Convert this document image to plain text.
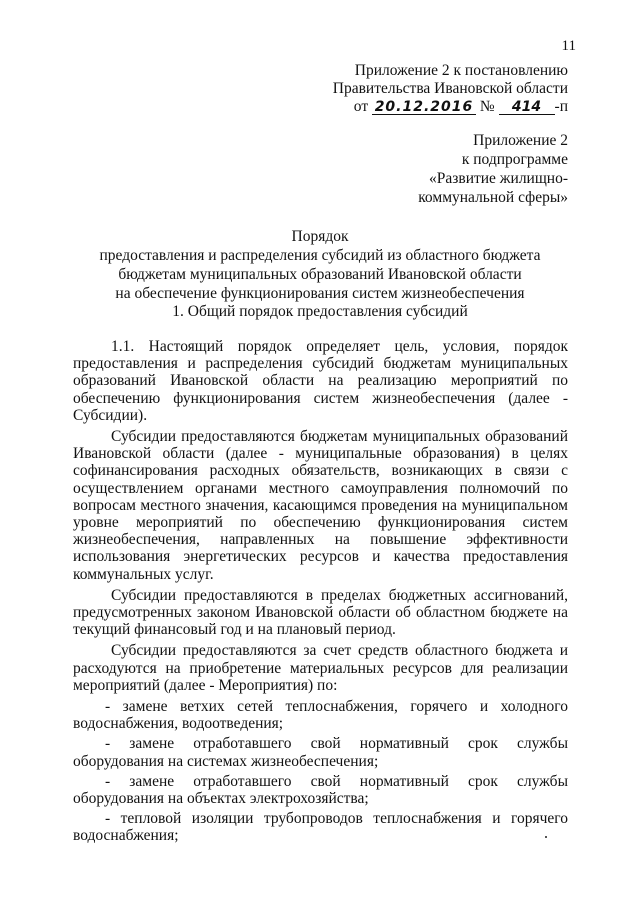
11
Приложение 2 к постановлению
Правительства Ивановской области
от 20.12.2016 № 414 -п
Приложение 2
к подпрограмме
«Развитие жилищно-
коммунальной сферы»
Порядок
предоставления и распределения субсидий из областного бюджета
бюджетам муниципальных образований Ивановской области
на обеспечение функционирования систем жизнеобеспечения
1. Общий порядок предоставления субсидий

1.1. Настоящий порядок определяет цель, условия, порядок предоставления и распределения субсидий бюджетам муниципальных образований Ивановской области на реализацию мероприятий по обеспечению функционирования систем жизнеобеспечения (далее - Субсидии).

Субсидии предоставляются бюджетам муниципальных образований Ивановской области (далее - муниципальные образования) в целях софинансирования расходных обязательств, возникающих в связи с осуществлением органами местного самоуправления полномочий по вопросам местного значения, касающимся проведения на муниципальном уровне мероприятий по обеспечению функционирования систем жизнеобеспечения, направленных на повышение эффективности использования энергетических ресурсов и качества предоставления коммунальных услуг.

Субсидии предоставляются в пределах бюджетных ассигнований, предусмотренных законом Ивановской области об областном бюджете на текущий финансовый год и на плановый период.

Субсидии предоставляются за счет средств областного бюджета и расходуются на приобретение материальных ресурсов для реализации мероприятий (далее - Мероприятия) по:

- замене ветхих сетей теплоснабжения, горячего и холодного водоснабжения, водоотведения;

- замене отработавшего свой нормативный срок службы оборудования на системах жизнеобеспечения;

- замене отработавшего свой нормативный срок службы оборудования на объектах электрохозяйства;

- тепловой изоляции трубопроводов теплоснабжения и горячего водоснабжения;
